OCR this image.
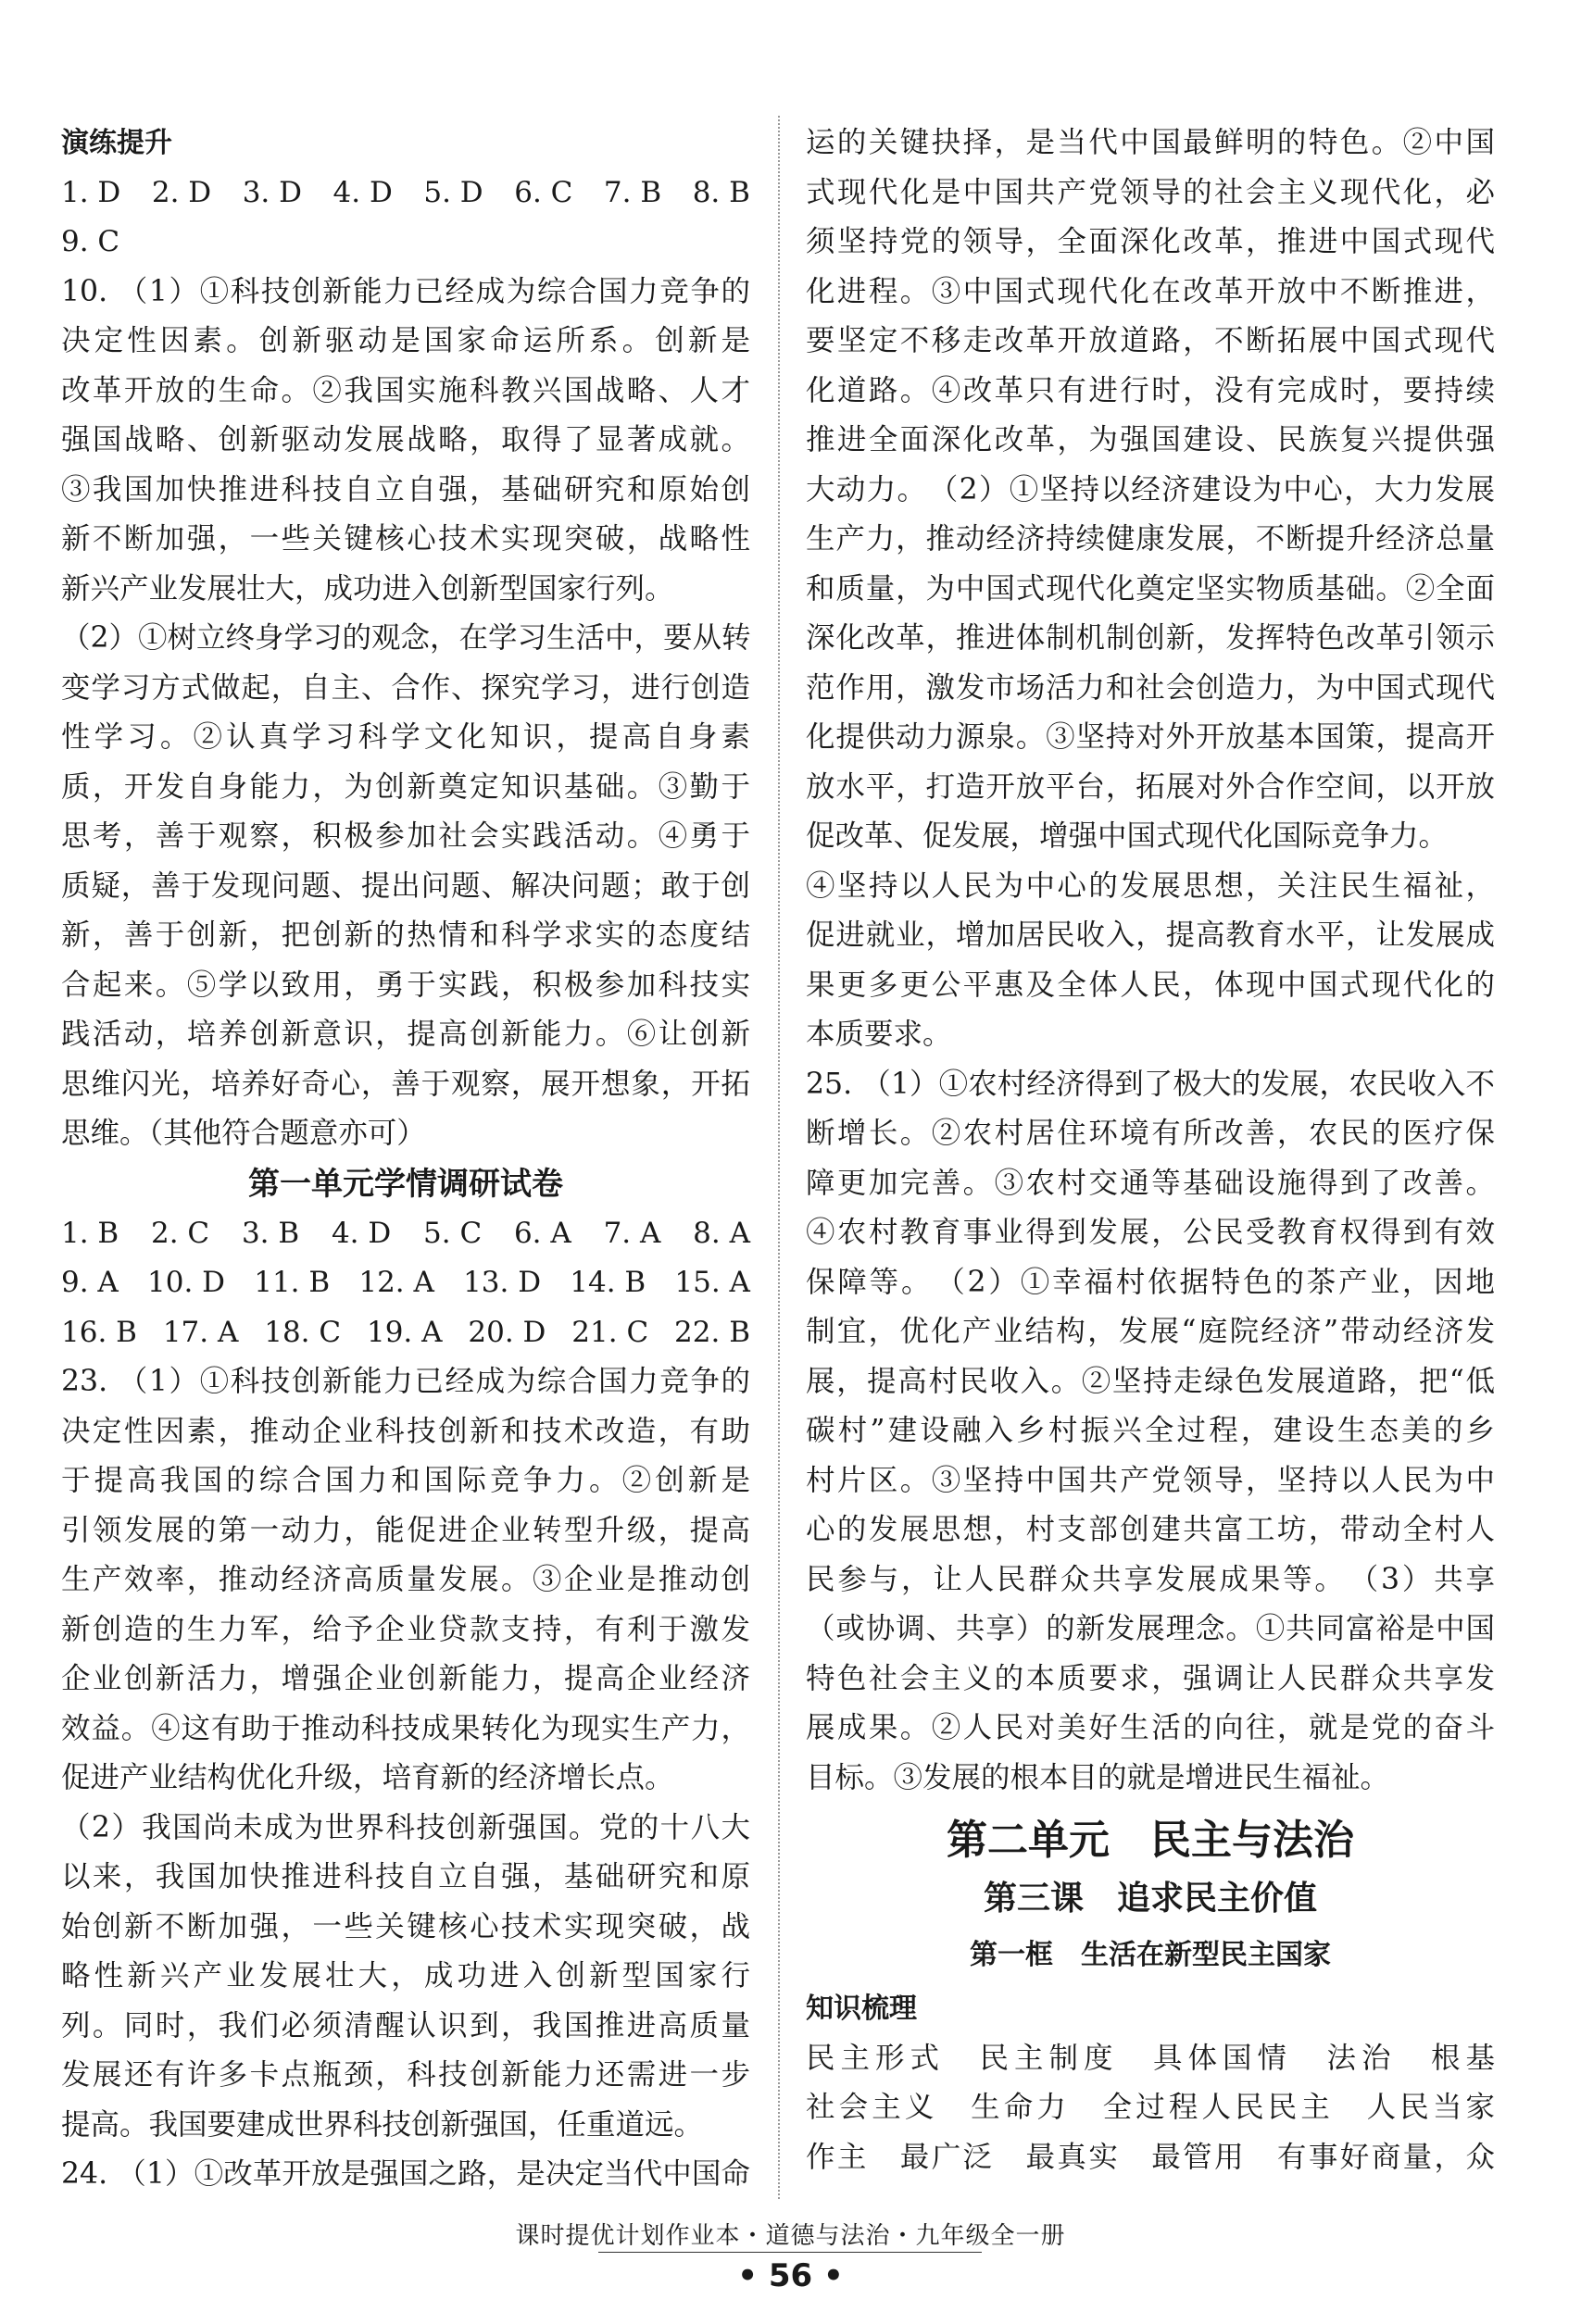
演练提升
1. D 2. D 3. D 4. D 5. D 6. C 7. B 8. B
9. C
10. （1）①科技创新能力已经成为综合国力竞争的
决定性因素。创新驱动是国家命运所系。创新是
改革开放的生命。②我国实施科教兴国战略、人才
强国战略、创新驱动发展战略，取得了显著成就。
③我国加快推进科技自立自强，基础研究和原始创
新不断加强，一些关键核心技术实现突破，战略性
新兴产业发展壮大，成功进入创新型国家行列。
（2）①树立终身学习的观念，在学习生活中，要从转
变学习方式做起，自主、合作、探究学习，进行创造
性学习。②认真学习科学文化知识，提高自身素
质，开发自身能力，为创新奠定知识基础。③勤于
思考，善于观察，积极参加社会实践活动。④勇于
质疑，善于发现问题、提出问题、解决问题；敢于创
新，善于创新，把创新的热情和科学求实的态度结
合起来。⑤学以致用，勇于实践，积极参加科技实
践活动，培养创新意识，提高创新能力。⑥让创新
思维闪光，培养好奇心，善于观察，展开想象，开拓
思维。（其他符合题意亦可）
第一单元学情调研试卷
1. B 2. C 3. B 4. D 5. C 6. A 7. A 8. A
9. A 10. D 11. B 12. A 13. D 14. B 15. A
16. B 17. A 18. C 19. A 20. D 21. C 22. B
23. （1）①科技创新能力已经成为综合国力竞争的
决定性因素，推动企业科技创新和技术改造，有助
于提高我国的综合国力和国际竞争力。②创新是
引领发展的第一动力，能促进企业转型升级，提高
生产效率，推动经济高质量发展。③企业是推动创
新创造的生力军，给予企业贷款支持，有利于激发
企业创新活力，增强企业创新能力，提高企业经济
效益。④这有助于推动科技成果转化为现实生产力，
促进产业结构优化升级，培育新的经济增长点。
（2）我国尚未成为世界科技创新强国。党的十八大
以来，我国加快推进科技自立自强，基础研究和原
始创新不断加强，一些关键核心技术实现突破，战
略性新兴产业发展壮大，成功进入创新型国家行
列。同时，我们必须清醒认识到，我国推进高质量
发展还有许多卡点瓶颈，科技创新能力还需进一步
提高。我国要建成世界科技创新强国，任重道远。
24. （1）①改革开放是强国之路，是决定当代中国命
运的关键抉择，是当代中国最鲜明的特色。②中国
式现代化是中国共产党领导的社会主义现代化，必
须坚持党的领导，全面深化改革，推进中国式现代
化进程。③中国式现代化在改革开放中不断推进，
要坚定不移走改革开放道路，不断拓展中国式现代
化道路。④改革只有进行时，没有完成时，要持续
推进全面深化改革，为强国建设、民族复兴提供强
大动力。　（2）①坚持以经济建设为中心，大力发展
生产力，推动经济持续健康发展，不断提升经济总量
和质量，为中国式现代化奠定坚实物质基础。②全面
深化改革，推进体制机制创新，发挥特色改革引领示
范作用，激发市场活力和社会创造力，为中国式现代
化提供动力源泉。③坚持对外开放基本国策，提高开
放水平，打造开放平台，拓展对外合作空间，以开放
促改革、促发展，增强中国式现代化国际竞争力。
④坚持以人民为中心的发展思想，关注民生福祉，
促进就业，增加居民收入，提高教育水平，让发展成
果更多更公平惠及全体人民，体现中国式现代化的
本质要求。
25. （1）①农村经济得到了极大的发展，农民收入不
断增长。②农村居住环境有所改善，农民的医疗保
障更加完善。③农村交通等基础设施得到了改善。
④农村教育事业得到发展，公民受教育权得到有效
保障等。　（2）①幸福村依据特色的茶产业，因地
制宜，优化产业结构，发展“庭院经济”带动经济发
展，提高村民收入。②坚持走绿色发展道路，把“低
碳村”建设融入乡村振兴全过程，建设生态美的乡
村片区。③坚持中国共产党领导，坚持以人民为中
心的发展思想，村支部创建共富工坊，带动全村人
民参与，让人民群众共享发展成果等。　（3）共享
（或协调、共享）的新发展理念。①共同富裕是中国
特色社会主义的本质要求，强调让人民群众共享发
展成果。②人民对美好生活的向往，就是党的奋斗
目标。③发展的根本目的就是增进民生福祉。
第二单元　民主与法治
第三课　追求民主价值
第一框　生活在新型民主国家
知识梳理
民主形式　民主制度　具体国情　法治　根基
社会主义　生命力　全过程人民民主　人民当家
作主　最广泛　最真实　最管用　有事好商量，众
课时提优计划作业本・道德与法治・九年级全一册
• 56 •
